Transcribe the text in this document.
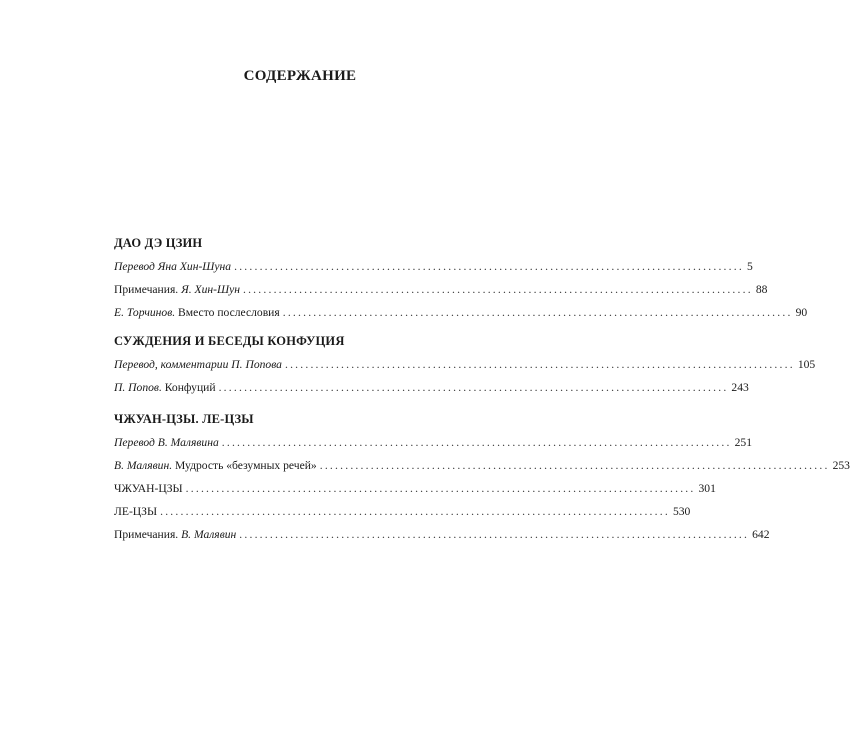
СОДЕРЖАНИЕ
ДАО ДЭ ЦЗИН
Перевод Яна Хин-Шуна .................................................................................................... 5
Примечания. Я. Хин-Шун .................................................................................................... 88
Е. Торчинов. Вместо послесловия .................................................................................................... 90
СУЖДЕНИЯ И БЕСЕДЫ КОНФУЦИЯ
Перевод, комментарии П. Попова .................................................................................................... 105
П. Попов. Конфуций .................................................................................................... 243
ЧЖУАН-ЦЗЫ. ЛЕ-ЦЗЫ
Перевод В. Малявина .................................................................................................... 251
В. Малявин. Мудрость «безумных речей» .................................................................................................... 253
ЧЖУАН-ЦЗЫ .................................................................................................... 301
ЛЕ-ЦЗЫ .................................................................................................... 530
Примечания. В. Малявин .................................................................................................... 642
